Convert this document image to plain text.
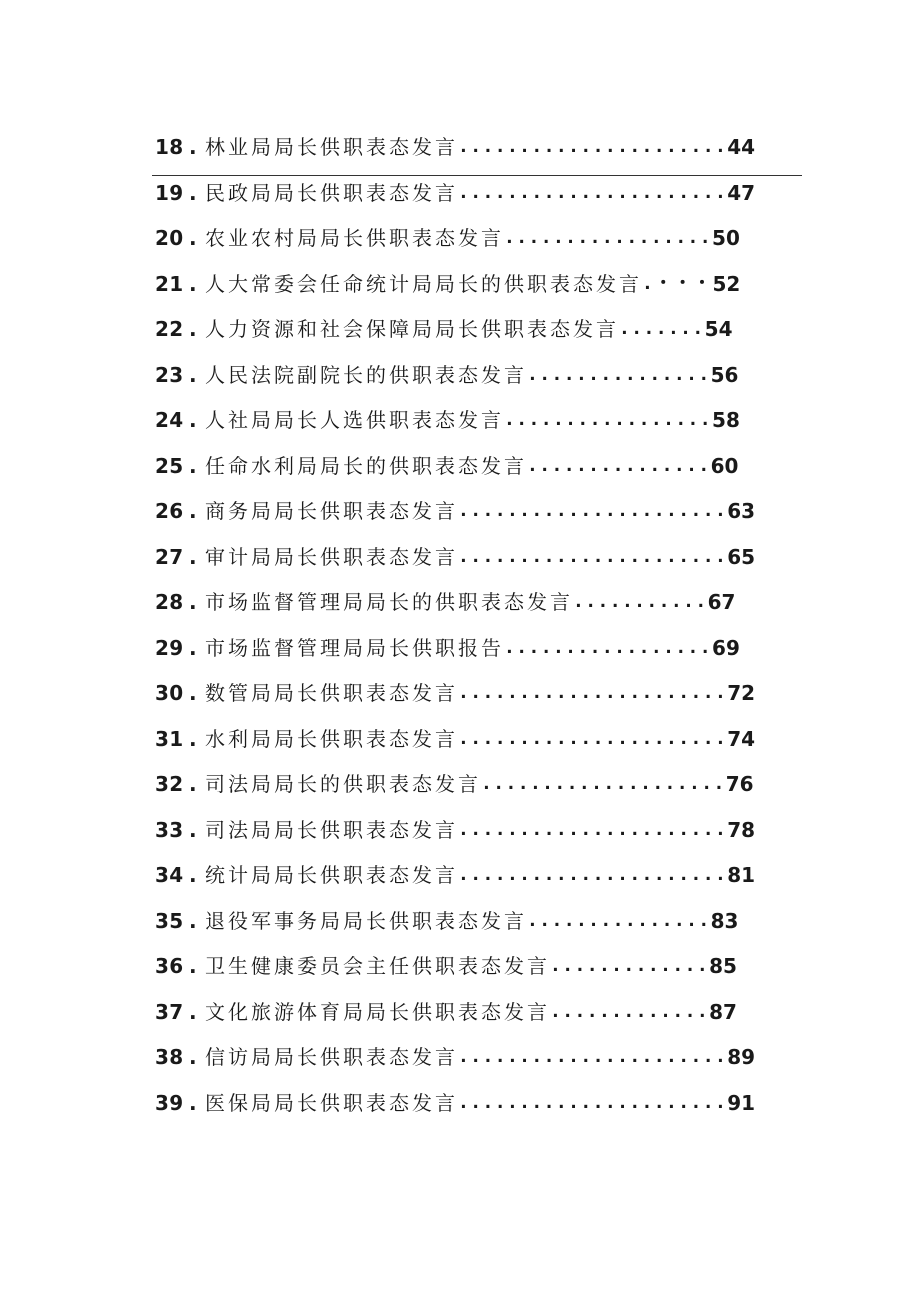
18 . 林业局局长供职表态发言......................44
19 . 民政局局长供职表态发言......................47
20 . 农业农村局局长供职表态发言.................50
21 . 人大常委会任命统计局局长的供职表态发言.・・・52
22 . 人力资源和社会保障局局长供职表态发言.......54
23 . 人民法院副院长的供职表态发言...............56
24 . 人社局局长人选供职表态发言.................58
25 . 任命水利局局长的供职表态发言...............60
26 . 商务局局长供职表态发言......................63
27 . 审计局局长供职表态发言......................65
28 . 市场监督管理局局长的供职表态发言...........67
29 . 市场监督管理局局长供职报告.................69
30 . 数管局局长供职表态发言......................72
31 . 水利局局长供职表态发言......................74
32 . 司法局局长的供职表态发言....................76
33 . 司法局局长供职表态发言......................78
34 . 统计局局长供职表态发言......................81
35 . 退役军事务局局长供职表态发言...............83
36 . 卫生健康委员会主任供职表态发言.............85
37 . 文化旅游体育局局长供职表态发言.............87
38 . 信访局局长供职表态发言......................89
39 . 医保局局长供职表态发言......................91
